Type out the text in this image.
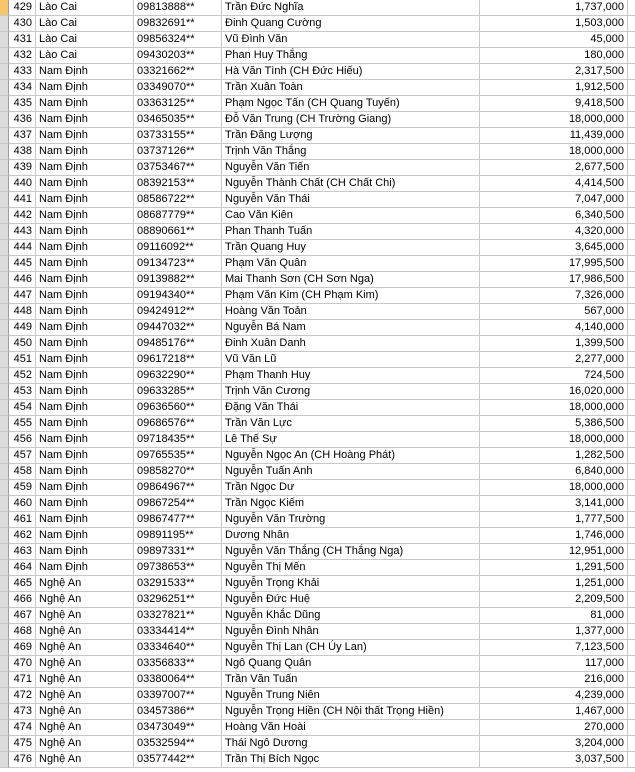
429 Lào Cai	09813888**	Trần Đức Nghĩa	1,737,000
430 Lào Cai	09832691**	Đinh Quang Cường	1,503,000
431 Lào Cai	09856324**	Vũ Đình Văn	45,000
432 Lào Cai	09430203**	Phan Huy Thắng	180,000
433 Nam Định	03321662**	Hà Văn Tình (CH Đức Hiếu)	2,317,500
434 Nam Định	03349070**	Trần Xuân Toàn	1,912,500
435 Nam Định	03363125**	Phạm Ngọc Tấn (CH Quang Tuyến)	9,418,500
436 Nam Định	03465035**	Đỗ Văn Trung (CH Trường Giang)	18,000,000
437 Nam Định	03733155**	Trần Đăng Lượng	11,439,000
438 Nam Định	03737126**	Trịnh Văn Thắng	18,000,000
439 Nam Định	03753467**	Nguyễn Văn Tiến	2,677,500
440 Nam Định	08392153**	Nguyễn Thành Chất (CH Chất Chi)	4,414,500
441 Nam Định	08586722**	Nguyễn Văn Thái	7,047,000
442 Nam Định	08687779**	Cao Văn Kiên	6,340,500
443 Nam Định	08890661**	Phan Thanh Tuấn	4,320,000
444 Nam Định	09116092**	Trần Quang Huy	3,645,000
445 Nam Định	09134723**	Phạm Văn Quân	17,995,500
446 Nam Định	09139882**	Mai Thanh Sơn (CH Sơn Nga)	17,986,500
447 Nam Định	09194340**	Phạm Văn Kim (CH Phạm Kim)	7,326,000
448 Nam Định	09424912**	Hoàng Văn Toản	567,000
449 Nam Định	09447032**	Nguyễn Bá Nam	4,140,000
450 Nam Định	09485176**	Đinh Xuân Danh	1,399,500
451 Nam Định	09617218**	Vũ Văn Lũ	2,277,000
452 Nam Định	09632290**	Phạm Thanh Huy	724,500
453 Nam Định	09633285**	Trịnh Văn Cương	16,020,000
454 Nam Định	09636560**	Đặng Văn Thái	18,000,000
455 Nam Định	09686576**	Trần Văn Lực	5,386,500
456 Nam Định	09718435**	Lê Thế Sự	18,000,000
457 Nam Định	09765535**	Nguyễn Ngọc An (CH Hoàng Phát)	1,282,500
458 Nam Định	09858270**	Nguyễn Tuấn Anh	6,840,000
459 Nam Định	09864967**	Trần Ngọc Dư	18,000,000
460 Nam Định	09867254**	Trần Ngọc Kiếm	3,141,000
461 Nam Định	09867477**	Nguyễn Văn Trường	1,777,500
462 Nam Định	09891195**	Dương Nhân	1,746,000
463 Nam Định	09897331**	Nguyễn Văn Thắng (CH Thắng Nga)	12,951,000
464 Nam Định	09738653**	Nguyễn Thị Mến	1,291,500
465 Nghệ An	03291533**	Nguyễn Trọng Khải	1,251,000
466 Nghệ An	03296251**	Nguyễn Đức Huệ	2,209,500
467 Nghệ An	03327821**	Nguyễn Khắc Dũng	81,000
468 Nghệ An	03334414**	Nguyễn Đình Nhân	1,377,000
469 Nghệ An	03334640**	Nguyễn Thị Lan (CH Úy Lan)	7,123,500
470 Nghệ An	03356833**	Ngô Quang Quân	117,000
471 Nghệ An	03380064**	Trần Văn Tuấn	216,000
472 Nghệ An	03397007**	Nguyễn Trung Niên	4,239,000
473 Nghệ An	03457386**	Nguyễn Trọng Hiền (CH Nội thất Trọng Hiền)	1,467,000
474 Nghệ An	03473049**	Hoàng Văn Hoài	270,000
475 Nghệ An	03532594**	Thái Ngô Dương	3,204,000
476 Nghệ An	03577442**	Trần Thị Bích Ngọc	3,037,500
